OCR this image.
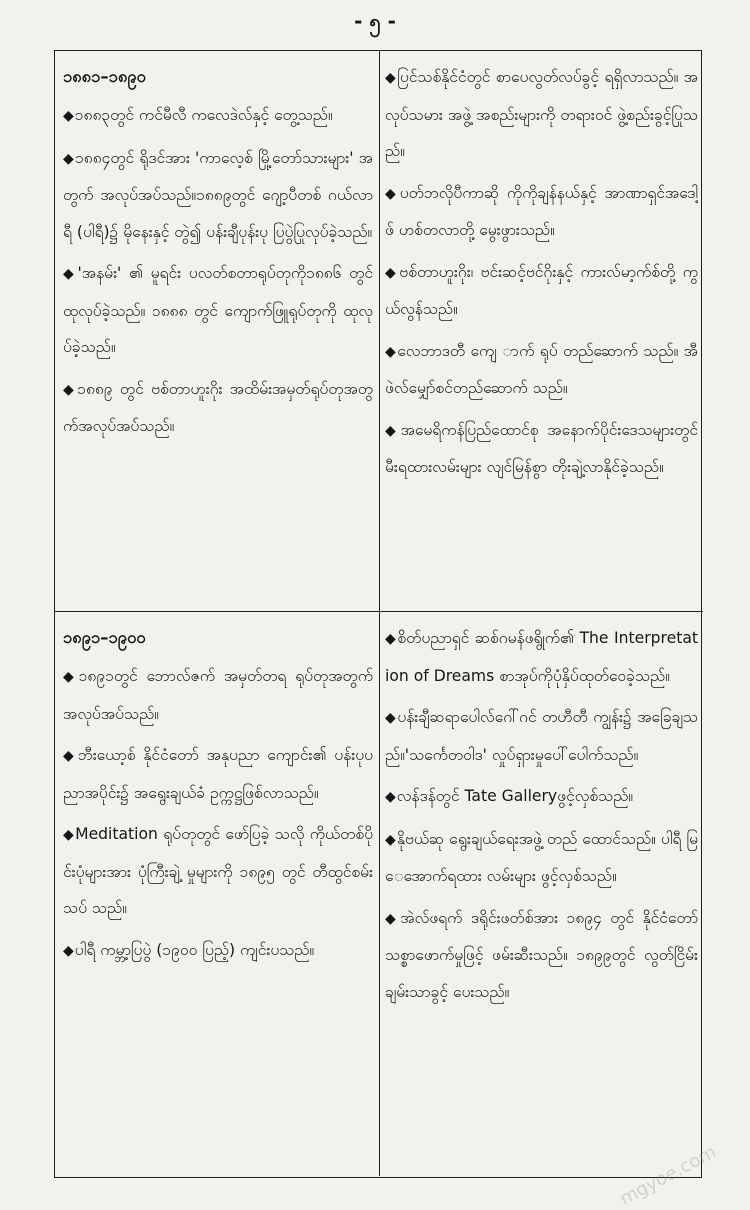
- ၅ -
၁၈၈၁–၁၈၉၀

◆၁၈၈၃တွင် ကင်မီလီ ကလေဒဲလ်နှင့် တွေ့သည်။

◆၁၈၈၄တွင် ရိုဒင်အား 'ကာလေ့စ် မြို့တော်သားများ' အတွက် အလုပ်အပ်သည်။၁၈၈၉တွင် ဂျော့ပီတစ် ဂယ်လာရီ (ပါရီ)၌ မိုနေးနှင့် တွဲ၍ ပန်းချီပုန်းပု ပြပွဲပြုလုပ်ခဲ့သည်။

◆'အနမ်း' ၏ မူရင်း ပလတ်စတာရုပ်တုကို၁၈၈၆ တွင် ထုလုပ်ခဲ့သည်။ ၁၈၈၈ တွင် ကျောက်ဖြူရုပ်တုကို ထုလုပ်ခဲ့သည်။

◆၁၈၈၉ တွင် ဗစ်တာဟူးဂိုး အထိမ်းအမှတ်ရုပ်တုအတွက်အလုပ်အပ်သည်။

◆ပြင်သစ်နိုင်ငံတွင် စာပေလွတ်လပ်ခွင့် ရရှိလာသည်။ အလုပ်သမား အဖွဲ့ အစည်းများကို တရားဝင် ဖွဲ့စည်းခွင့်ပြုသည်။

◆ပတ်ဘလိုပီကာဆို ကိုကိုချန်နယ်နှင့် အာဏာရှင်အဒေါ့ဖ် ဟစ်တလာတို့ မွေးဖွားသည်။

◆ဗစ်တာဟူးဂိုး၊ ဗင်းဆင့်ဗင်ဂိုးနှင့် ကားလ်မာ့က်စ်တို့ ကွယ်လွန်သည်။

◆လေဘာဒတီ ကျေ ာက် ရုပ် တည်ဆောက် သည်။ အီဖဲလ်မျှော်စင်တည်ဆောက် သည်။

◆အမေရိကန်ပြည်ထောင်စု အနောက်ပိုင်းဒေသများတွင် မီးရထားလမ်းများ လျင်မြန်စွာ တိုးချဲ့လာနိုင်ခဲ့သည်။

၁၈၉၁–၁၉၀၀

◆၁၈၉၁တွင် ဘောလ်ဇက် အမှတ်တရ ရုပ်တုအတွက် အလုပ်အပ်သည်။

◆ဘီးယော့စ် နိုင်ငံတော် အနုပညာ ကျောင်း၏ ပန်းပုပညာအပိုင်း၌ အရွေးချယ်ခံ ဥက္ကဋ္ဌဖြစ်လာသည်။

◆Meditation ရုပ်တုတွင် ဖော်ပြခဲ့ သလို ကိုယ်တစ်ပိုင်းပုံများအား ပုံကြီးချဲ့ မှုများကို ၁၈၉၅ တွင် တီထွင်စမ်းသပ် သည်။

◆ပါရီ ကမ္ဘာ့ပြပွဲ (၁၉၀၀ ပြည့်) ကျင်းပသည်။

◆စိတ်ပညာရှင် ဆစ်ဂမန်ဖရွိုက်၏ The Interpretation of Dreams စာအုပ်ကိုပုံနှိပ်ထုတ်ဝေခဲ့သည်။

◆ပန်းချီဆရာပေါလ်ဂေါ်ဂင် တဟီတီ ကျွန်း၌ အခြေချသည်။'သင်္ကေတဝါဒ' လှုပ်ရှားမှုပေါ်ပေါက်သည်။

◆လန်ဒန်တွင် Tate Galleryဖွင့်လှစ်သည်။

◆နိုဗယ်ဆု ရွေးချယ်ရေးအဖွဲ့ တည် ထောင်သည်။ ပါရီ မြေအောက်ရထား လမ်းများ ဖွင့်လှစ်သည်။

◆အဲလ်ဖရက် ဒရိုင်းဖတ်စ်အား ၁၈၉၄ တွင် နိုင်ငံတော် သစ္စာဖောက်မှုဖြင့် ဖမ်းဆီးသည်။ ၁၈၉၉တွင် လွတ်ငြိမ်း ချမ်းသာခွင့် ပေးသည်။

mgyoe.com
